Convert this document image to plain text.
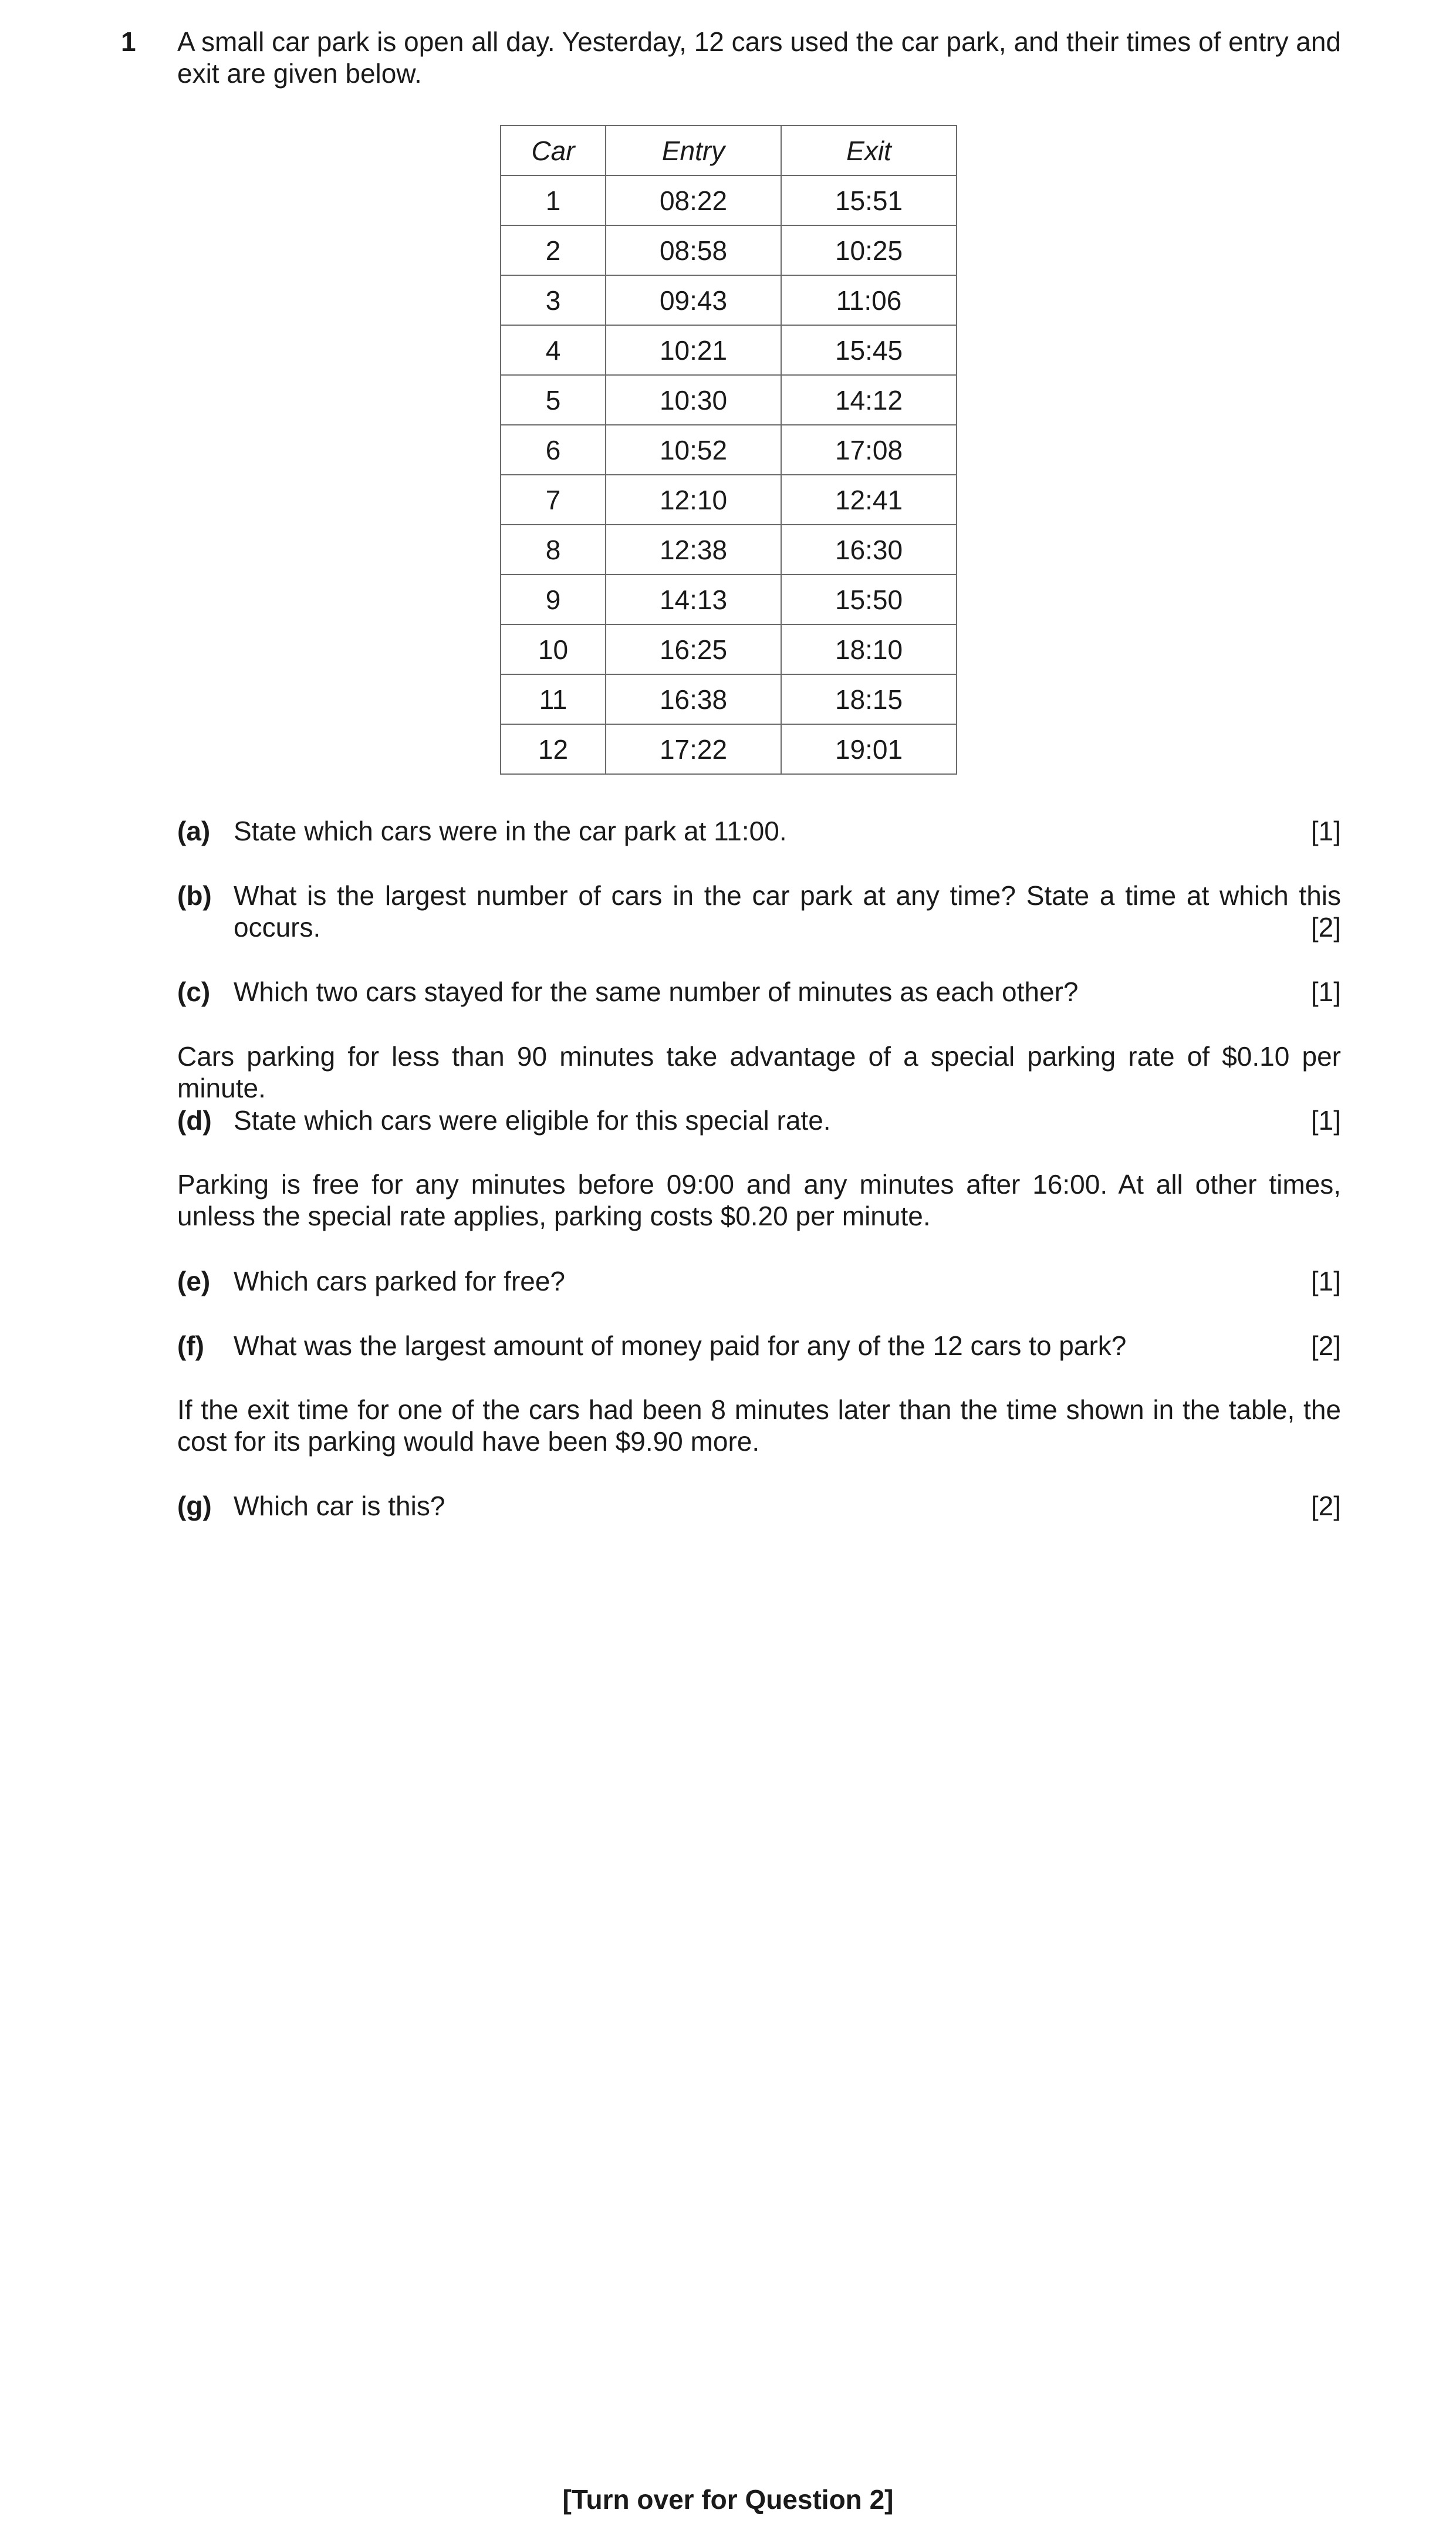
1 A small car park is open all day. Yesterday, 12 cars used the car park, and their times of entry and exit are given below.
Car	Entry	Exit
1	08:22	15:51
2	08:58	10:25
3	09:43	11:06
4	10:21	15:45
5	10:30	14:12
6	10:52	17:08
7	12:10	12:41
8	12:38	16:30
9	14:13	15:50
10	16:25	18:10
11	16:38	18:15
12	17:22	19:01
(a) State which cars were in the car park at 11:00.	[1]
(b) What is the largest number of cars in the car park at any time? State a time at which this occurs.	[2]
(c) Which two cars stayed for the same number of minutes as each other?	[1]
Cars parking for less than 90 minutes take advantage of a special parking rate of $0.10 per minute.
(d) State which cars were eligible for this special rate.	[1]
Parking is free for any minutes before 09:00 and any minutes after 16:00. At all other times, unless the special rate applies, parking costs $0.20 per minute.
(e) Which cars parked for free?	[1]
(f) What was the largest amount of money paid for any of the 12 cars to park?	[2]
If the exit time for one of the cars had been 8 minutes later than the time shown in the table, the cost for its parking would have been $9.90 more.
(g) Which car is this?	[2]
[Turn over for Question 2]
